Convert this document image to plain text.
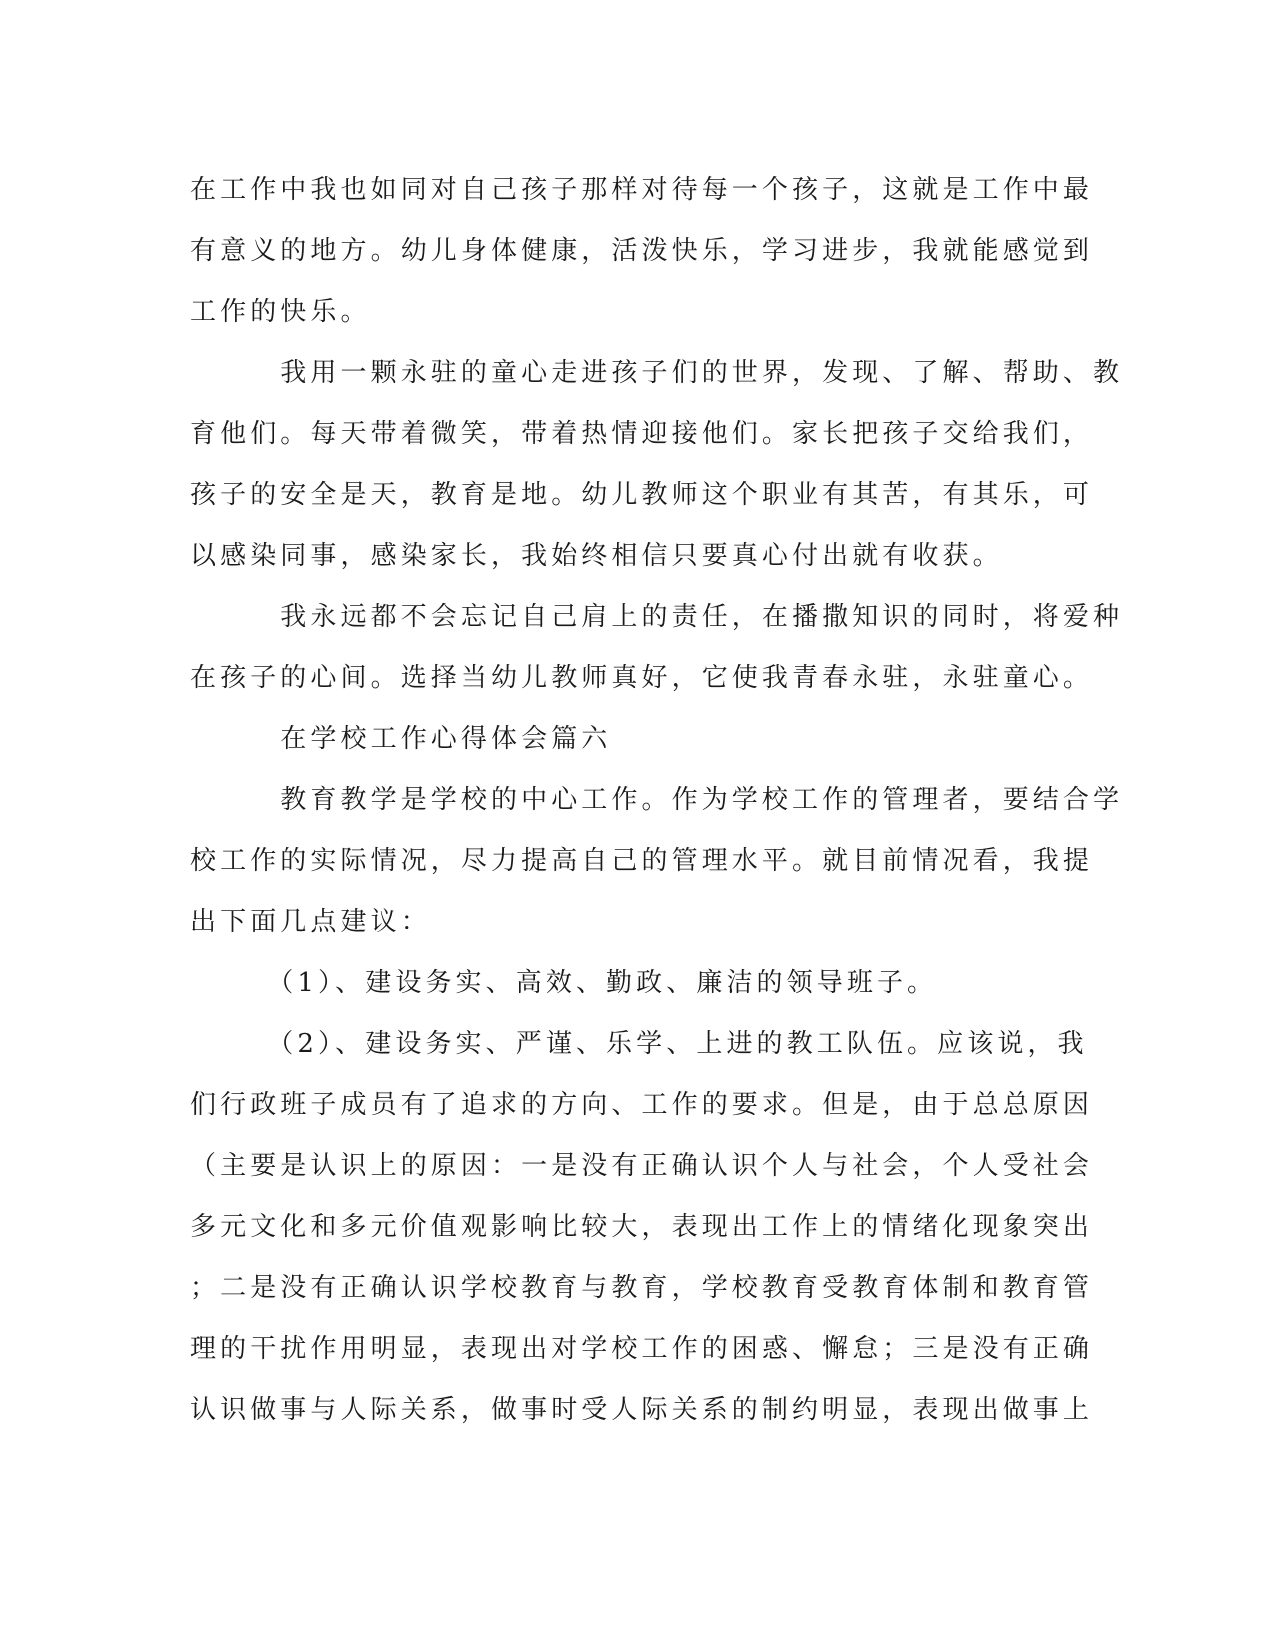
在工作中我也如同对自己孩子那样对待每一个孩子，这就是工作中最
有意义的地方。幼儿身体健康，活泼快乐，学习进步，我就能感觉到
工作的快乐。
　　　我用一颗永驻的童心走进孩子们的世界，发现、了解、帮助、教
育他们。每天带着微笑，带着热情迎接他们。家长把孩子交给我们，
孩子的安全是天，教育是地。幼儿教师这个职业有其苦，有其乐，可
以感染同事，感染家长，我始终相信只要真心付出就有收获。
　　　我永远都不会忘记自己肩上的责任，在播撒知识的同时，将爱种
在孩子的心间。选择当幼儿教师真好，它使我青春永驻，永驻童心。
　　　在学校工作心得体会篇六
　　　教育教学是学校的中心工作。作为学校工作的管理者，要结合学
校工作的实际情况，尽力提高自己的管理水平。就目前情况看，我提
出下面几点建议：
　　　（1）、建设务实、高效、勤政、廉洁的领导班子。
　　　（2）、建设务实、严谨、乐学、上进的教工队伍。应该说，我
们行政班子成员有了追求的方向、工作的要求。但是，由于总总原因
（主要是认识上的原因：一是没有正确认识个人与社会，个人受社会
多元文化和多元价值观影响比较大，表现出工作上的情绪化现象突出
；二是没有正确认识学校教育与教育，学校教育受教育体制和教育管
理的干扰作用明显，表现出对学校工作的困惑、懈怠；三是没有正确
认识做事与人际关系，做事时受人际关系的制约明显，表现出做事上
